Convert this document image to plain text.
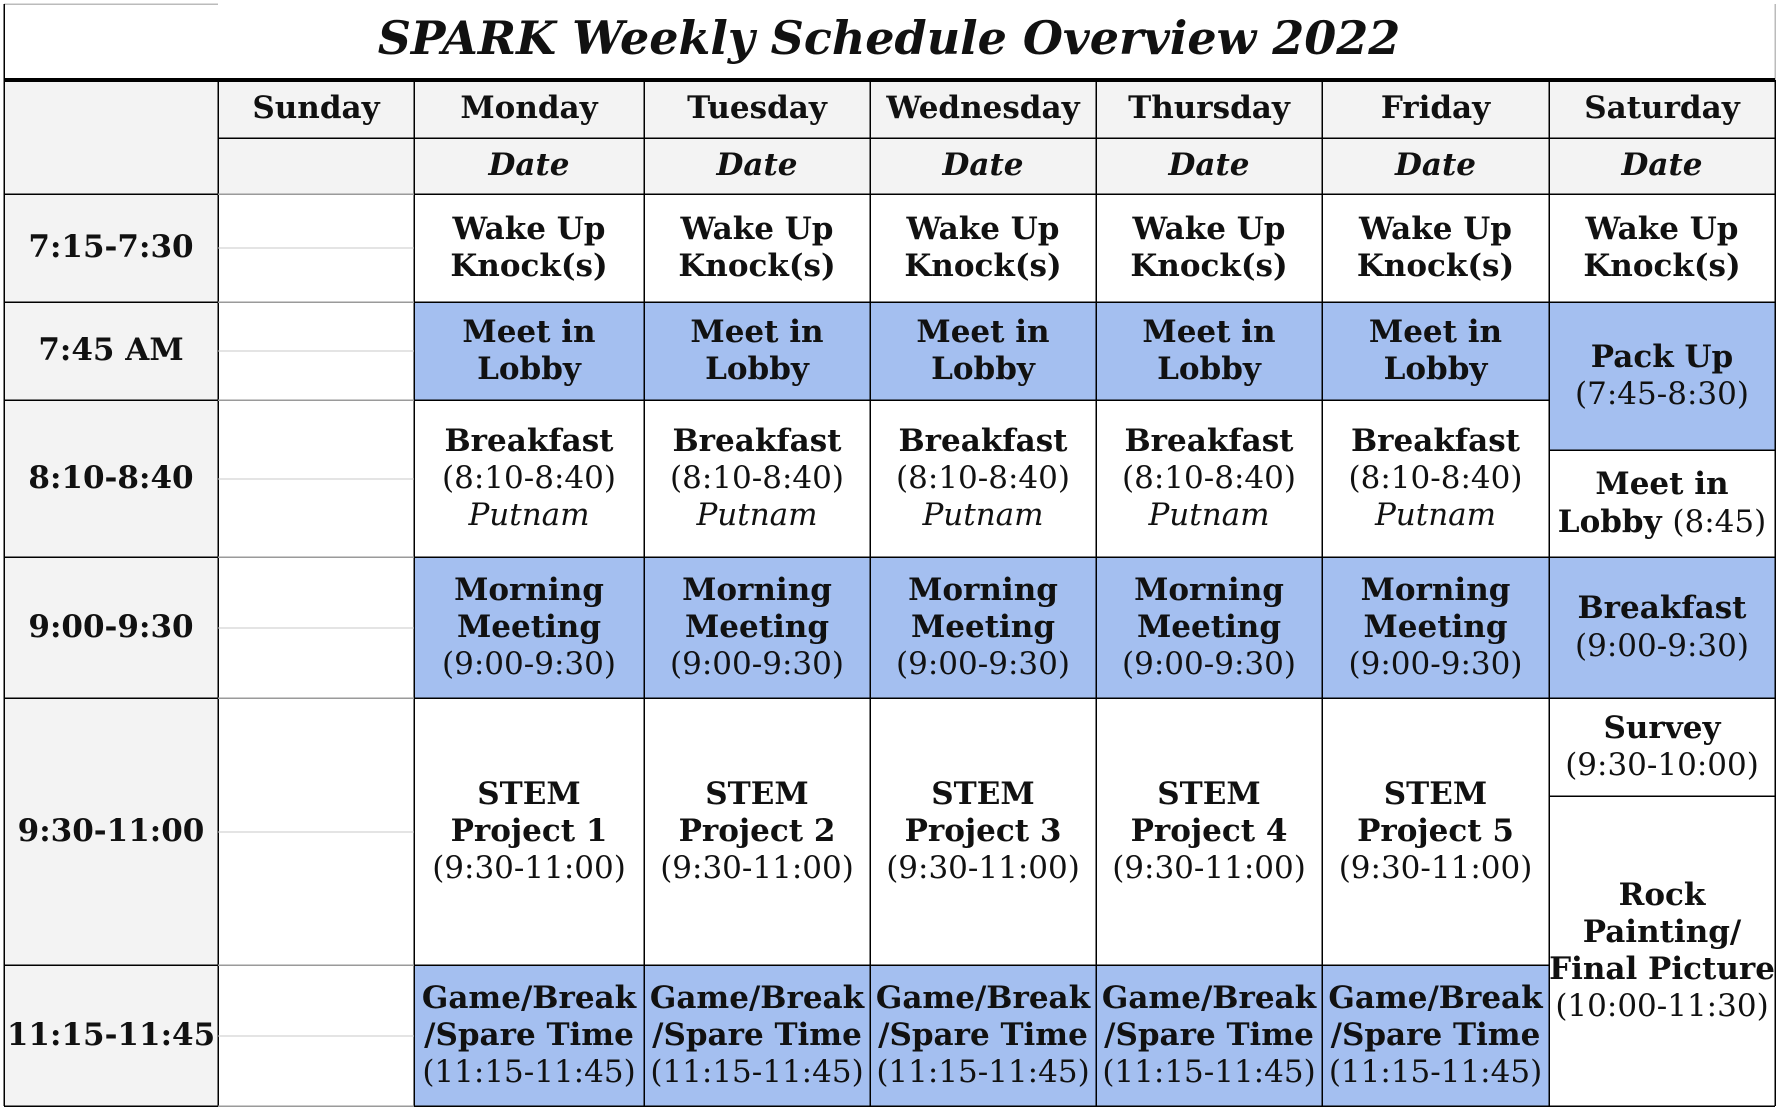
SPARK Weekly Schedule Overview 2022
Sunday	Monday
Date
Tuesday
Date
Wednesday
Date
Thursday
Date
Friday
Date
Saturday
Date
7:15-7:30
7:45 AM
8:10-8:40
9:00-9:30
9:30-11:00
11:15-11:45
Wake Up Knock(s)
Meet in Lobby
Breakfast
(8:10-8:40)
Putnam
Morning Meeting
(9:00-9:30)
STEM Project 1
(9:30-11:00)
Game/Break /Spare Time
(11:15-11:45)
Wake Up Knock(s)
Meet in Lobby
Breakfast
(8:10-8:40)
Putnam
Morning Meeting
(9:00-9:30)
STEM Project 2
(9:30-11:00)
Game/Break /Spare Time
(11:15-11:45)
Wake Up Knock(s)
Meet in Lobby
Breakfast
(8:10-8:40)
Putnam
Morning Meeting
(9:00-9:30)
STEM Project 3
(9:30-11:00)
Game/Break /Spare Time
(11:15-11:45)
Wake Up Knock(s)
Meet in Lobby
Breakfast
(8:10-8:40)
Putnam
Morning Meeting
(9:00-9:30)
STEM Project 4
(9:30-11:00)
Game/Break /Spare Time
(11:15-11:45)
Wake Up Knock(s)
Meet in Lobby
Breakfast
(8:10-8:40)
Putnam
Morning Meeting
(9:00-9:30)
STEM Project 5
(9:30-11:00)
Game/Break /Spare Time
(11:15-11:45)
Wake Up Knock(s)
Pack Up
(7:45-8:30)
Meet in Lobby (8:45)
Breakfast
(9:00-9:30)
Survey
(9:30-10:00)
Rock Painting/ Final Picture
(10:00-11:30)
